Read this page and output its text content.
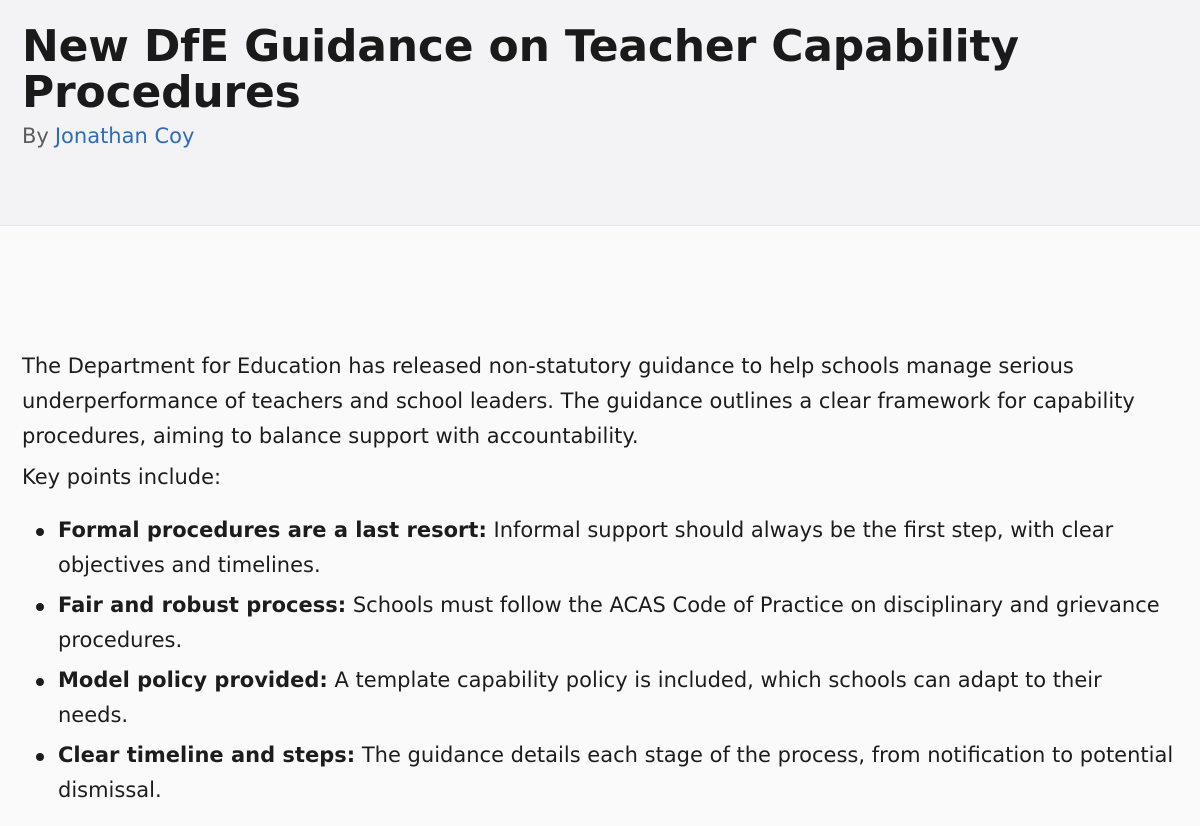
New DfE Guidance on Teacher Capability Procedures
By Jonathan Coy

The Department for Education has released non-statutory guidance to help schools manage serious underperformance of teachers and school leaders. The guidance outlines a clear framework for capability procedures, aiming to balance support with accountability.

Key points include:

Formal procedures are a last resort: Informal support should always be the first step, with clear objectives and timelines.
Fair and robust process: Schools must follow the ACAS Code of Practice on disciplinary and grievance procedures.
Model policy provided: A template capability policy is included, which schools can adapt to their needs.
Clear timeline and steps: The guidance details each stage of the process, from notification to potential dismissal.
